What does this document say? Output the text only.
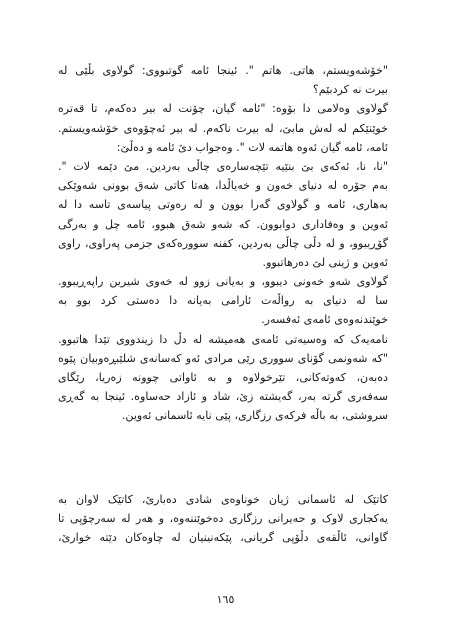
"خۆشەویستم، هاتی. هاتم ". ئینجا ئامە گوتبووی: گولاوی بڵێی لە
بیرت نە کردبێم؟
گولاوی وەلامی دا بۆوە: "ئامە گیان، چۆنت لە بیر دەکەم، تا قەترە
خوێنێکم لە لەش مابێ، لە بیرت ناکەم. لە بیر ئەچۆوەی خۆشەویستم.
ئامە، ئامە گیان ئەوە هاتمە لات ". وەجواب دێ ئامە و دەڵێ:
"نا، نا، ئەکەی بێ بنێیە تێچەسارەی چاڵی بەردین. مێ دێمە لات ".
بەم جۆرە لە دنیای خەون و خەیاڵدا، هەتا کاتی شەق بوونی شەوێکی
بەهاری، ئامە و گولاوی گەرا بوون و لە رەوتی پیاسەی تاسە دا لە
ئەوین و وەفاداری دوابوون. کە شەو شەق هبوو، ئامە چل و بەرگی
گۆڕیبوو، و لە دڵی چاڵی بەردین، کفنە سوورەکەی جزمی پەراوی، راوی
ئەوین و ژینی لێ دەرهاتبوو.
گولاوی شەو خەونی دیبوو، و بەیانی زوو لە خەوی شیرین راپەڕیبوو.
سا لە دنیای بە رواڵەت ئارامی بەیانە دا دەستی کرد بوو بە
خوێندنەوەی ئامەی ئەفسەر.
نامەیەک کە وەسیەتی ئامەی هەمیشە لە دڵ دا زیندووی تێدا هاتبوو.
"کە شەونمی گۆنای سووری رێی مرادی ئەو کەسانەی شلێبڕەوبیان پێوە
دەبەن، کەوتەکانی، تێرخولاوە و بە ئاواتی چوونە زەریا، رێگای
سەفەری گرتە بەر، گەیشتە زێ، شاد و ئازاد حەساوە. ئینجا بە گەڕی
سروشتی، بە باڵە فرکەی رزگاری، پێی نایە ئاسمانی ئەوین.
کاتێک لە ئاسمانی ژیان خوناوەی شادی دەبارێ، کاتێک لاوان بە
یەکجاری لاوک و حەیرانی رزگاری دەخوێننەوە، و هەر لە سەرچۆپی تا
گاوانی، ئاڵقەی دڵۆپی گریانی، پێکەنینیان لە چاوەکان دێتە خوارێ،
١٦٥
